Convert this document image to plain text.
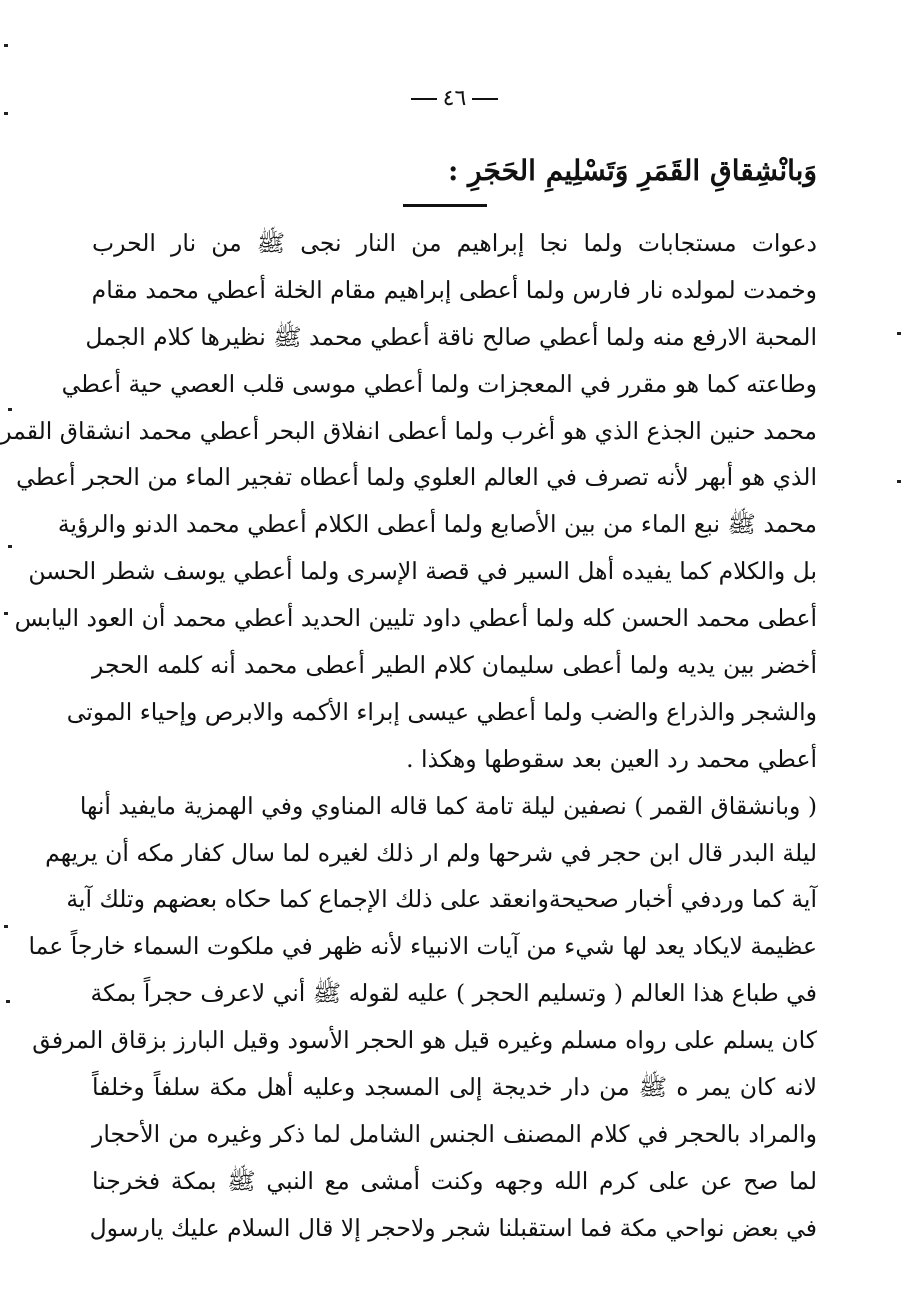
٤٦
وَبانْشِقاقِ القَمَرِ وَتَسْلِيمِ الحَجَرِ :
دعوات مستجابات ولما نجا إبراهيم من النار نجى ﷺ من نار الحرب
وخمدت لمولده نار فارس ولما أعطى إبراهيم مقام الخلة أعطي محمد مقام
المحبة الارفع منه ولما أعطي صالح ناقة أعطي محمد ﷺ نظيرها كلام الجمل
وطاعته كما هو مقرر في المعجزات ولما أعطي موسى قلب العصي حية أعطي
محمد حنين الجذع الذي هو أغرب ولما أعطى انفلاق البحر أعطي محمد انشقاق القمر
الذي هو أبهر لأنه تصرف في العالم العلوي ولما أعطاه تفجير الماء من الحجر أعطي
محمد ﷺ نبع الماء من بين الأصابع ولما أعطى الكلام أعطي محمد الدنو والرؤية
بل والكلام كما يفيده أهل السير في قصة الإسرى ولما أعطي يوسف شطر الحسن
أعطى محمد الحسن كله ولما أعطي داود تليين الحديد أعطي محمد أن العود اليابس
أخضر بين يديه ولما أعطى سليمان كلام الطير أعطى محمد أنه كلمه الحجر
والشجر والذراع والضب ولما أعطي عيسى إبراء الأكمه والابرص وإحياء الموتى
أعطي محمد رد العين بعد سقوطها وهكذا .
( وبانشقاق القمر ) نصفين ليلة تامة كما قاله المناوي وفي الهمزية مايفيد أنها
ليلة البدر قال ابن حجر في شرحها ولم ار ذلك لغيره لما سال كفار مكه أن يريهم
آية كما وردفي أخبار صحيحةوانعقد على ذلك الإجماع كما حكاه بعضهم وتلك آية
عظيمة لايكاد يعد لها شيء من آيات الانبياء لأنه ظهر في ملكوت السماء خارجاً عما
في طباع هذا العالم ( وتسليم الحجر ) عليه لقوله ﷺ أني لاعرف حجراً بمكة
كان يسلم على رواه مسلم وغيره قيل هو الحجر الأسود وقيل البارز بزقاق المرفق
لانه كان يمر ه ﷺ من دار خديجة إلى المسجد وعليه أهل مكة سلفاً وخلفاً
والمراد بالحجر في كلام المصنف الجنس الشامل لما ذكر وغيره من الأحجار
لما صح عن على كرم الله وجهه وكنت أمشى مع النبي ﷺ بمكة فخرجنا
في بعض نواحي مكة فما استقبلنا شجر ولاحجر إلا قال السلام عليك يارسول
